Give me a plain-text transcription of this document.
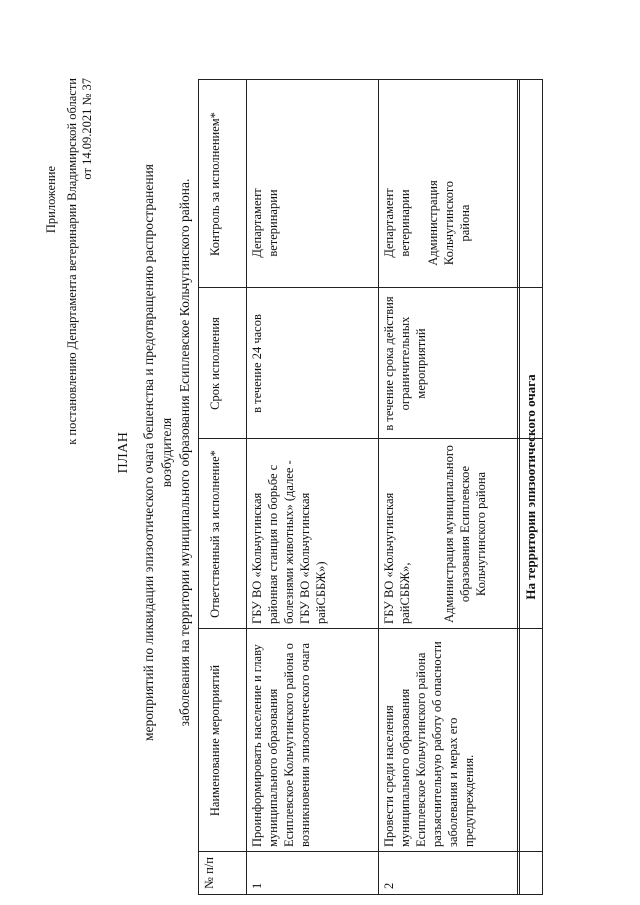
Приложение к постановлению Департамента ветеринарии Владимирской области от 14.09.2021 № 37
ПЛАН мероприятий по ликвидации эпизоотического очага бешенства и предотвращению распространения возбудителя заболевания на территории муниципального образования Есиплевское Кольчугинского района.
№ п/п
Наименование мероприятий
Ответственный за исполнение*
Срок исполнения
Контроль за исполнением*
1
Проинформировать население и главу муниципального образования Есиплевское Кольчугинского района о возникновении эпизоотического очага
ГБУ ВО «Кольчугинская районная станция по борьбе с болезнями животных» (далее - ГБУ ВО «Кольчугинская райСББЖ»)
в течение 24 часов
Департамент ветеринарии
2
Провести среди населения муниципального образования Есиплевское Кольчугинского района разъяснительную работу об опасности заболевания и мерах его предупреждения.
ГБУ ВО «Кольчугинская райСББЖ», Администрация муниципального образования Есиплевское Кольчугинского района
в течение срока действия ограничительных мероприятий
Департамент ветеринарии Администрация Кольчугинского района
На территории эпизоотического очага
